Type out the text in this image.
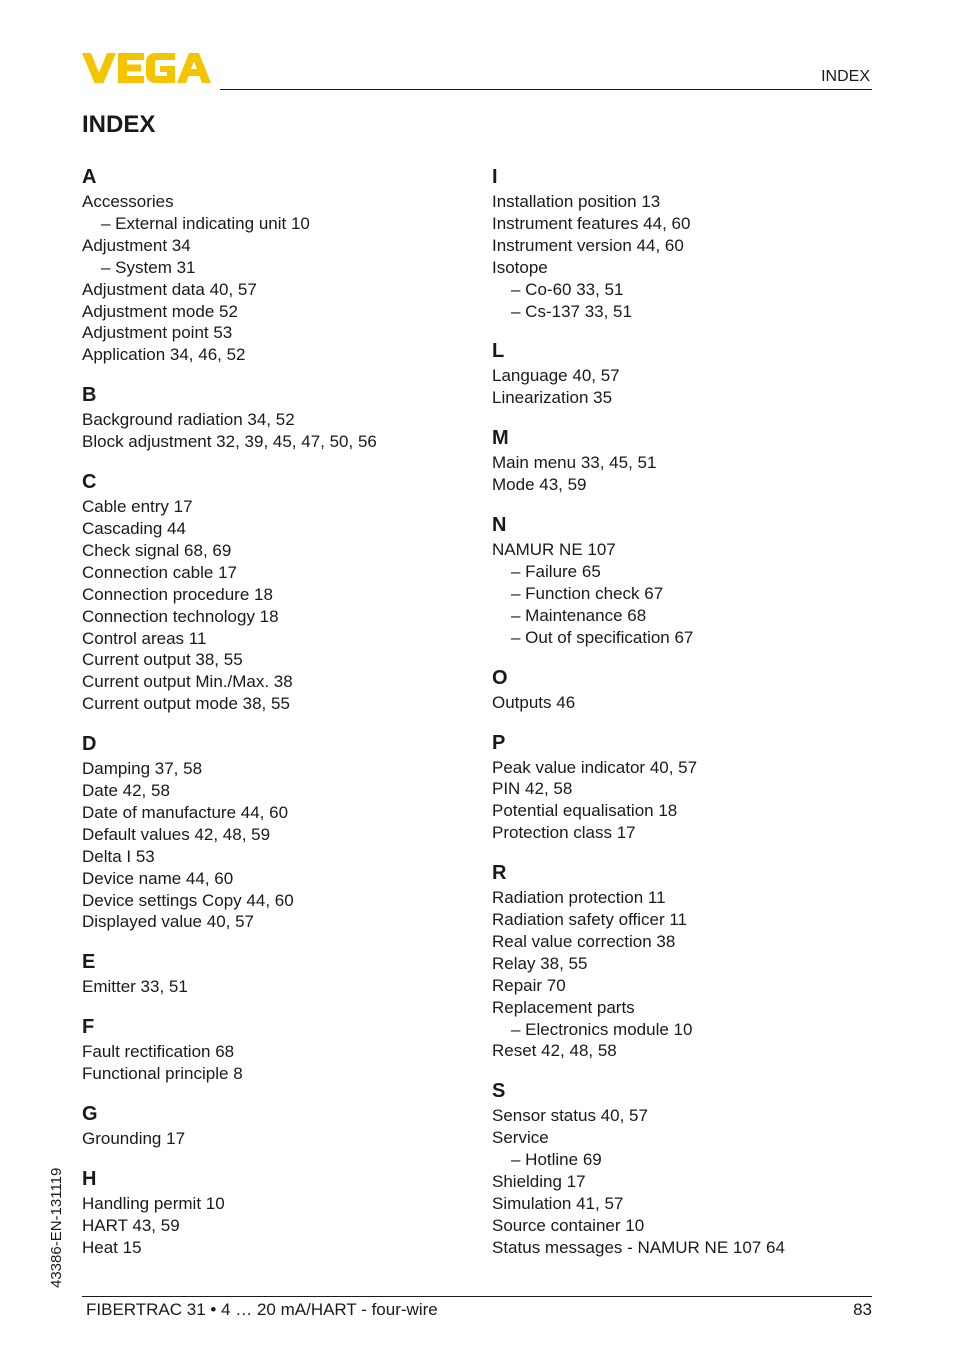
INDEX
INDEX
A
Accessories
– External indicating unit 10
Adjustment 34
– System 31
Adjustment data 40, 57
Adjustment mode 52
Adjustment point 53
Application 34, 46, 52
B
Background radiation 34, 52
Block adjustment 32, 39, 45, 47, 50, 56
C
Cable entry 17
Cascading 44
Check signal 68, 69
Connection cable 17
Connection procedure 18
Connection technology 18
Control areas 11
Current output 38, 55
Current output Min./Max. 38
Current output mode 38, 55
D
Damping 37, 58
Date 42, 58
Date of manufacture 44, 60
Default values 42, 48, 59
Delta I 53
Device name 44, 60
Device settings Copy 44, 60
Displayed value 40, 57
E
Emitter 33, 51
F
Fault rectification 68
Functional principle 8
G
Grounding 17
H
Handling permit 10
HART 43, 59
Heat 15
I
Installation position 13
Instrument features 44, 60
Instrument version 44, 60
Isotope
– Co-60 33, 51
– Cs-137 33, 51
L
Language 40, 57
Linearization 35
M
Main menu 33, 45, 51
Mode 43, 59
N
NAMUR NE 107
– Failure 65
– Function check 67
– Maintenance 68
– Out of specification 67
O
Outputs 46
P
Peak value indicator 40, 57
PIN 42, 58
Potential equalisation 18
Protection class 17
R
Radiation protection 11
Radiation safety officer 11
Real value correction 38
Relay 38, 55
Repair 70
Replacement parts
– Electronics module 10
Reset 42, 48, 58
S
Sensor status 40, 57
Service
– Hotline 69
Shielding 17
Simulation 41, 57
Source container 10
Status messages - NAMUR NE 107 64
43386-EN-131119
FIBERTRAC 31 • 4 … 20 mA/HART - four-wire	83
